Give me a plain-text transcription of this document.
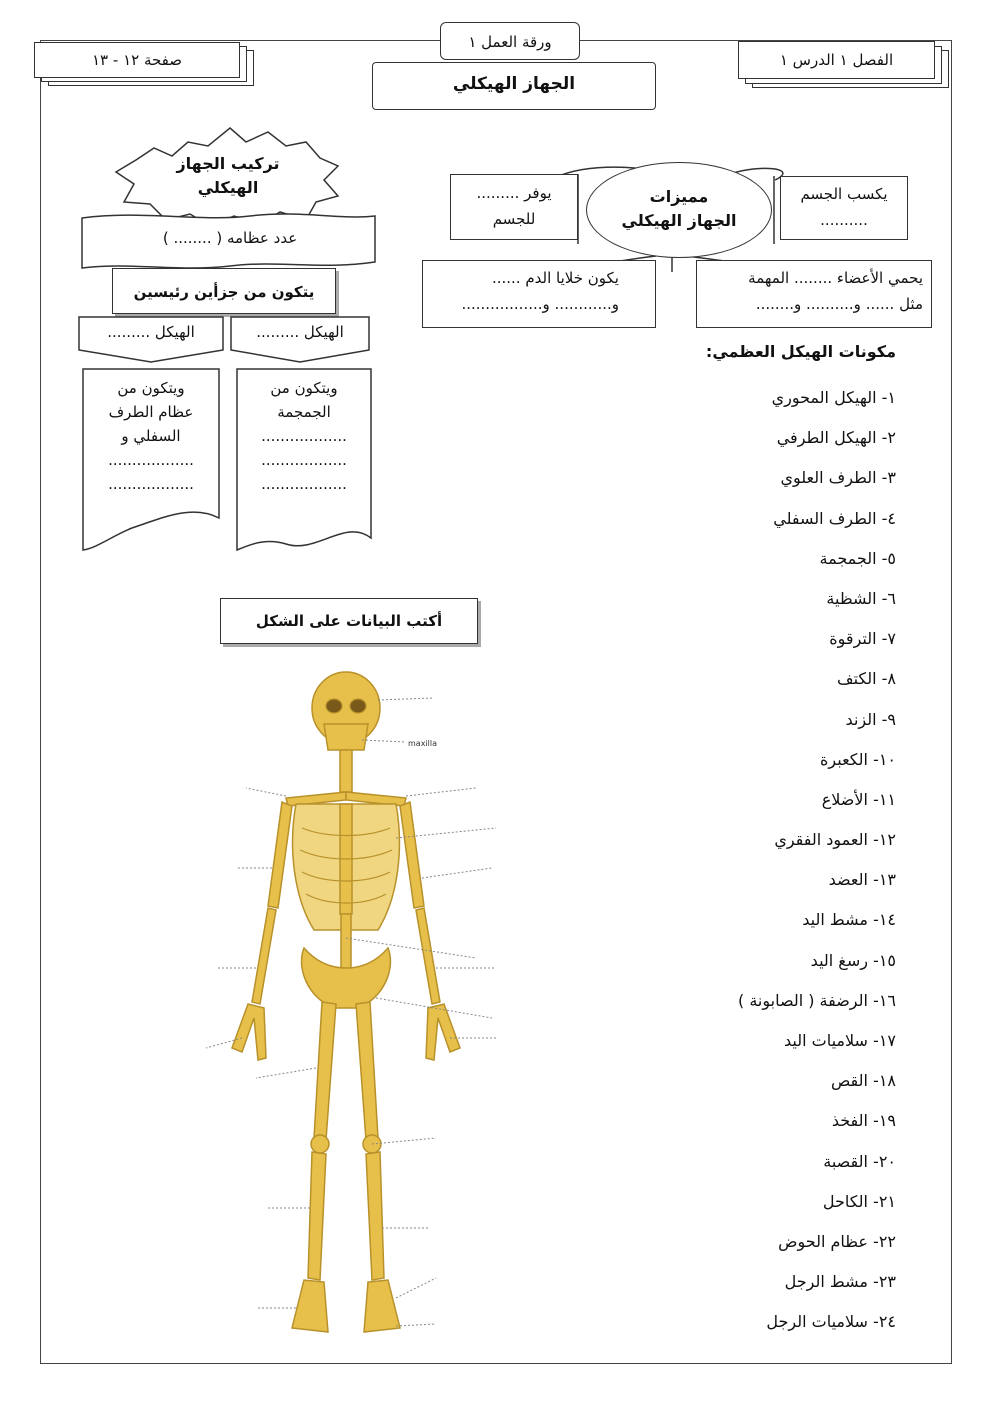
صفحة ١٢ - ١٣	الفصل ١ الدرس ١
ورقة العمل ١
الجهاز الهيكلي
تركيب الجهاز
الهيكلي
عدد عظامه ( ........ )
يتكون من جزأين رئيسين
الهيكل .........
الهيكل .........
ويتكون من
الجمجمة
..................
..................
..................
ويتكون من
عظام الطرف
السفلي و
..................
..................
يكسب الجسم
..........
يوفر .........
للجسم
مميزات
الجهاز الهيكلي
يحمي الأعضاء ........ المهمة
مثل ...... و.......... و........
يكون خلايا الدم ......
و............ و.................
أكتب البيانات على الشكل
maxilla
مكونات الهيكل العظمي:
١- الهيكل المحوري
٢- الهيكل الطرفي
٣- الطرف العلوي
٤- الطرف السفلي
٥- الجمجمة
٦- الشظية
٧- الترقوة
٨- الكتف
٩- الزند
١٠- الكعبرة
١١- الأضلاع
١٢- العمود الفقري
١٣- العضد
١٤- مشط اليد
١٥- رسغ اليد
١٦- الرضفة ( الصابونة )
١٧- سلاميات اليد
١٨- القص
١٩- الفخذ
٢٠- القصبة
٢١- الكاحل
٢٢- عظام الحوض
٢٣- مشط الرجل
٢٤- سلاميات الرجل
